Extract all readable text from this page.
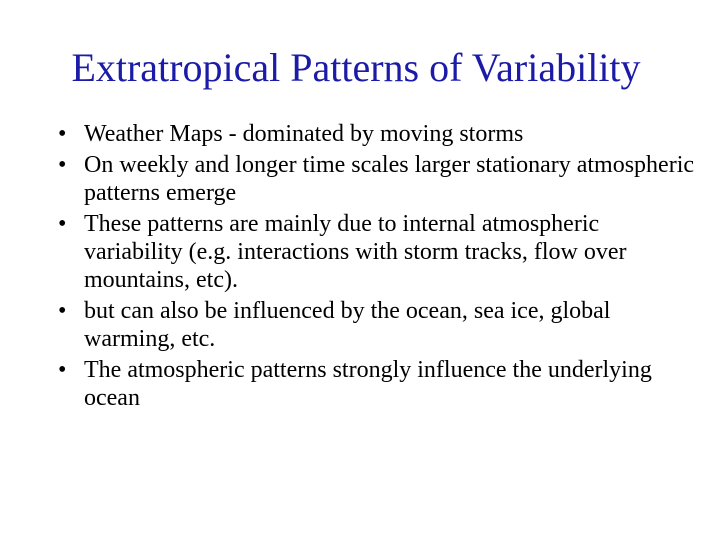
Extratropical Patterns of Variability
• Weather Maps - dominated by moving storms
• On weekly and longer time scales larger stationary atmospheric patterns emerge
• These patterns are mainly due to internal atmospheric variability (e.g. interactions with storm tracks, flow over mountains, etc).
• but can also be influenced by the ocean, sea ice, global warming, etc.
• The atmospheric patterns strongly influence the underlying ocean
